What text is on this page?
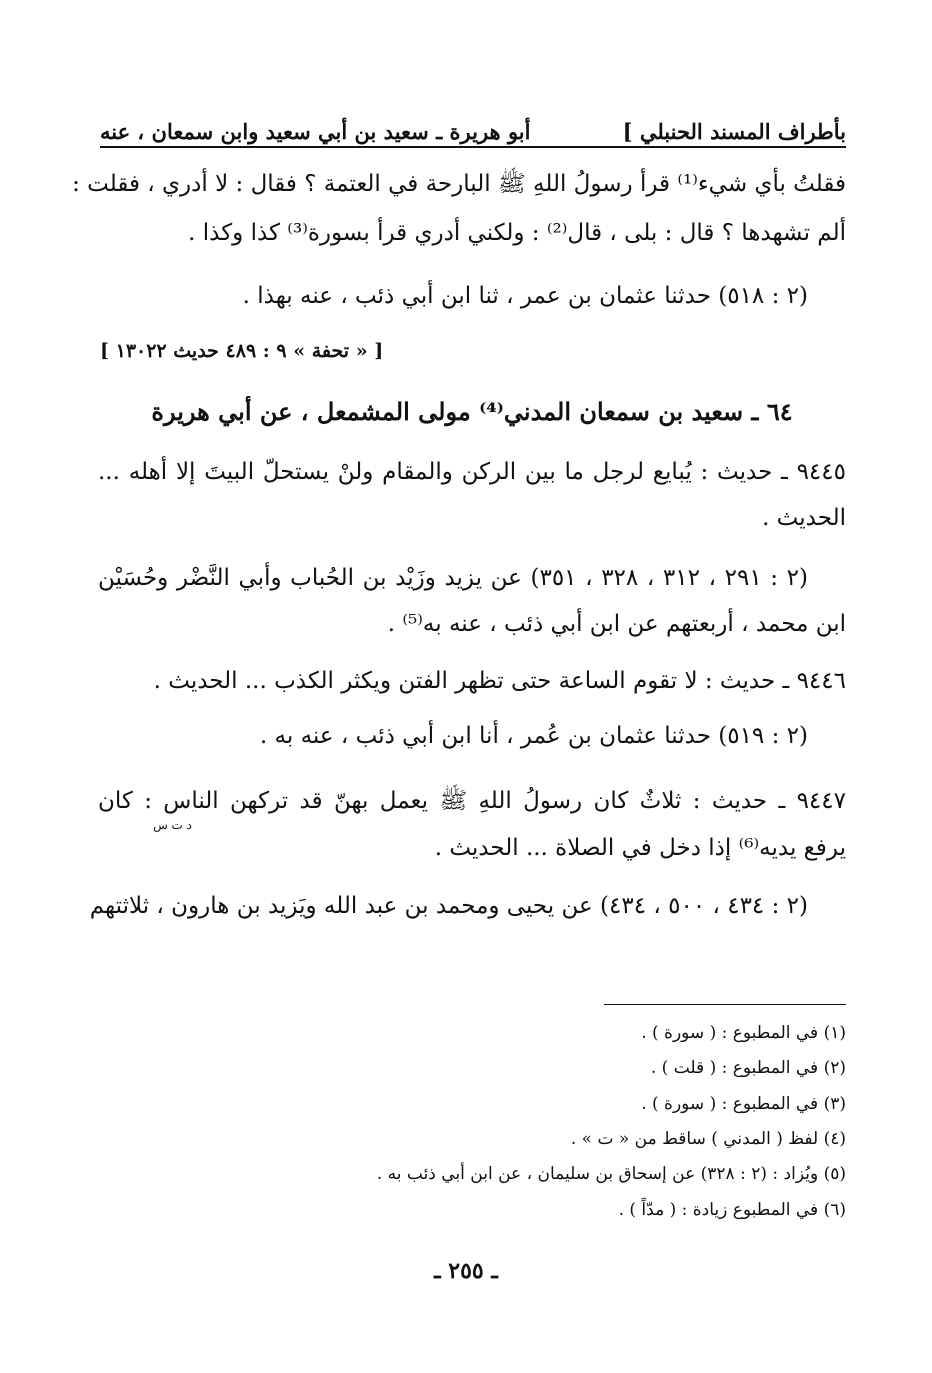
بأطراف المسند الحنبلي ]
أبو هريرة ـ سعيد بن أبي سعيد وابن سمعان ، عنه
فقلتُ بأي شيء⁽¹⁾ قرأ رسولُ اللهِ ﷺ البارحة في العتمة ؟ فقال : لا أدري ، فقلت :
ألم تشهدها ؟ قال : بلى ، قال⁽²⁾ : ولكني أدري قرأ بسورة⁽³⁾ كذا وكذا .
(٢ : ٥١٨) حدثنا عثمان بن عمر ، ثنا ابن أبي ذئب ، عنه بهذا .
[ « تحفة » ٩ : ٤٨٩ حديث ١٣٠٢٢ ]
٦٤ ـ سعيد بن سمعان المدني⁽⁴⁾ مولى المشمعل ، عن أبي هريرة
٩٤٤٥ ـ حديث : يُبايع لرجل ما بين الركن والمقام ولنْ يستحلّ البيتَ إلا أهله ...
الحديث .
(٢ : ٢٩١ ، ٣١٢ ، ٣٢٨ ، ٣٥١) عن يزيد وزَيْد بن الحُباب وأبي النَّضْر وحُسَيْن
ابن محمد ، أربعتهم عن ابن أبي ذئب ، عنه به⁽⁵⁾ .
٩٤٤٦ ـ حديث : لا تقوم الساعة حتى تظهر الفتن ويكثر الكذب ... الحديث .
(٢ : ٥١٩) حدثنا عثمان بن عُمر ، أنا ابن أبي ذئب ، عنه به .
٩٤٤٧ ـ حديث : ثلاثٌ كان رسولُ اللهِ ﷺ يعمل بهنّ قد تركهن الناس : كان
د ت س
يرفع يديه⁽⁶⁾ إذا دخل في الصلاة ... الحديث .
(٢ : ٤٣٤ ، ٥٠٠ ، ٤٣٤) عن يحيى ومحمد بن عبد الله ويَزيد بن هارون ، ثلاثتهم
(١) في المطبوع : ( سورة ) .
(٢) في المطبوع : ( قلت ) .
(٣) في المطبوع : ( سورة ) .
(٤) لفظ ( المدني ) ساقط من « ت » .
(٥) ويُزاد : (٢ : ٣٢٨) عن إسحاق بن سليمان ، عن ابن أبي ذئب به .
(٦) في المطبوع زيادة : ( مدّاً ) .
ـ ٢٥٥ ـ
